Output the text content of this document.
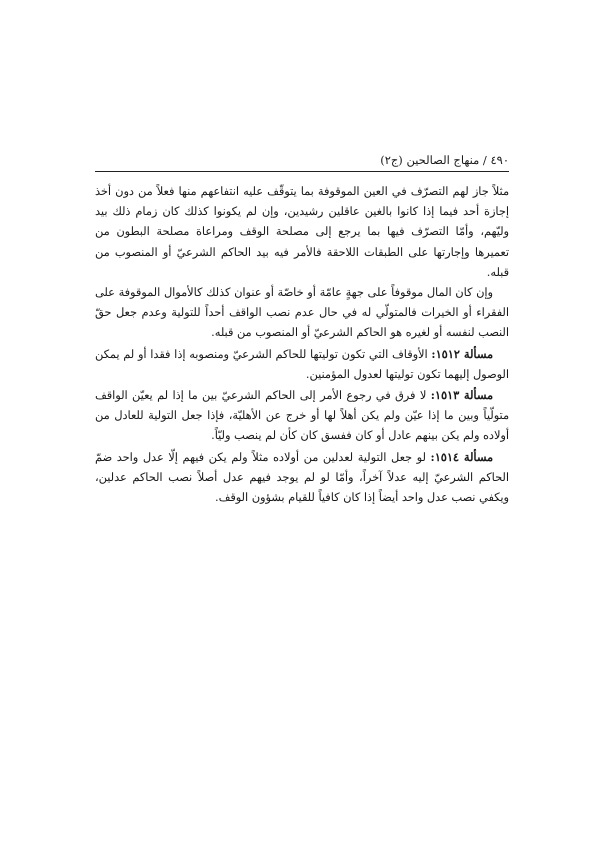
٤٩٠ / منهاج الصالحين (ج٢)

مثلاً جاز لهم التصرّف في العين الموقوفة بما يتوقّف عليه انتفاعهم منها فعلاً من دون أخذ إجازة أحد فيما إذا كانوا بالغين عاقلين رشيدين، وإن لم يكونوا كذلك كان زمام ذلك بيد وليّهم، وأمّا التصرّف فيها بما يرجع إلى مصلحة الوقف ومراعاة مصلحة البطون من تعميرها وإجارتها على الطبقات اللاحقة فالأمر فيه بيد الحاكم الشرعيّ أو المنصوب من قبله.

وإن كان المال موقوفاً على جهةٍ عامّة أو خاصّة أو عنوان كذلك كالأموال الموقوفة على الفقراء أو الخيرات فالمتولّي له في حال عدم نصب الواقف أحداً للتولية وعدم جعل حقّ النصب لنفسه أو لغيره هو الحاكم الشرعيّ أو المنصوب من قبله.

مسألة ١٥١٢: الأوقاف التي تكون توليتها للحاكم الشرعيّ ومنصوبه إذا فقدا أو لم يمكن الوصول إليهما تكون توليتها لعدول المؤمنين.

مسألة ١٥١٣: لا فرق في رجوع الأمر إلى الحاكم الشرعيّ بين ما إذا لم يعيّن الواقف متولّياً وبين ما إذا عيّن ولم يكن أهلاً لها أو خرج عن الأهليّة، فإذا جعل التولية للعادل من أولاده ولم يكن بينهم عادل أو كان ففسق كان كأن لم ينصب وليّاً.

مسألة ١٥١٤: لو جعل التولية لعدلين من أولاده مثلاً ولم يكن فيهم إلّا عدل واحد ضمّ الحاكم الشرعيّ إليه عدلاً آخراً، وأمّا لو لم يوجد فيهم عدل أصلاً نصب الحاكم عدلين، ويكفي نصب عدل واحد أيضاً إذا كان كافياً للقيام بشؤون الوقف.
